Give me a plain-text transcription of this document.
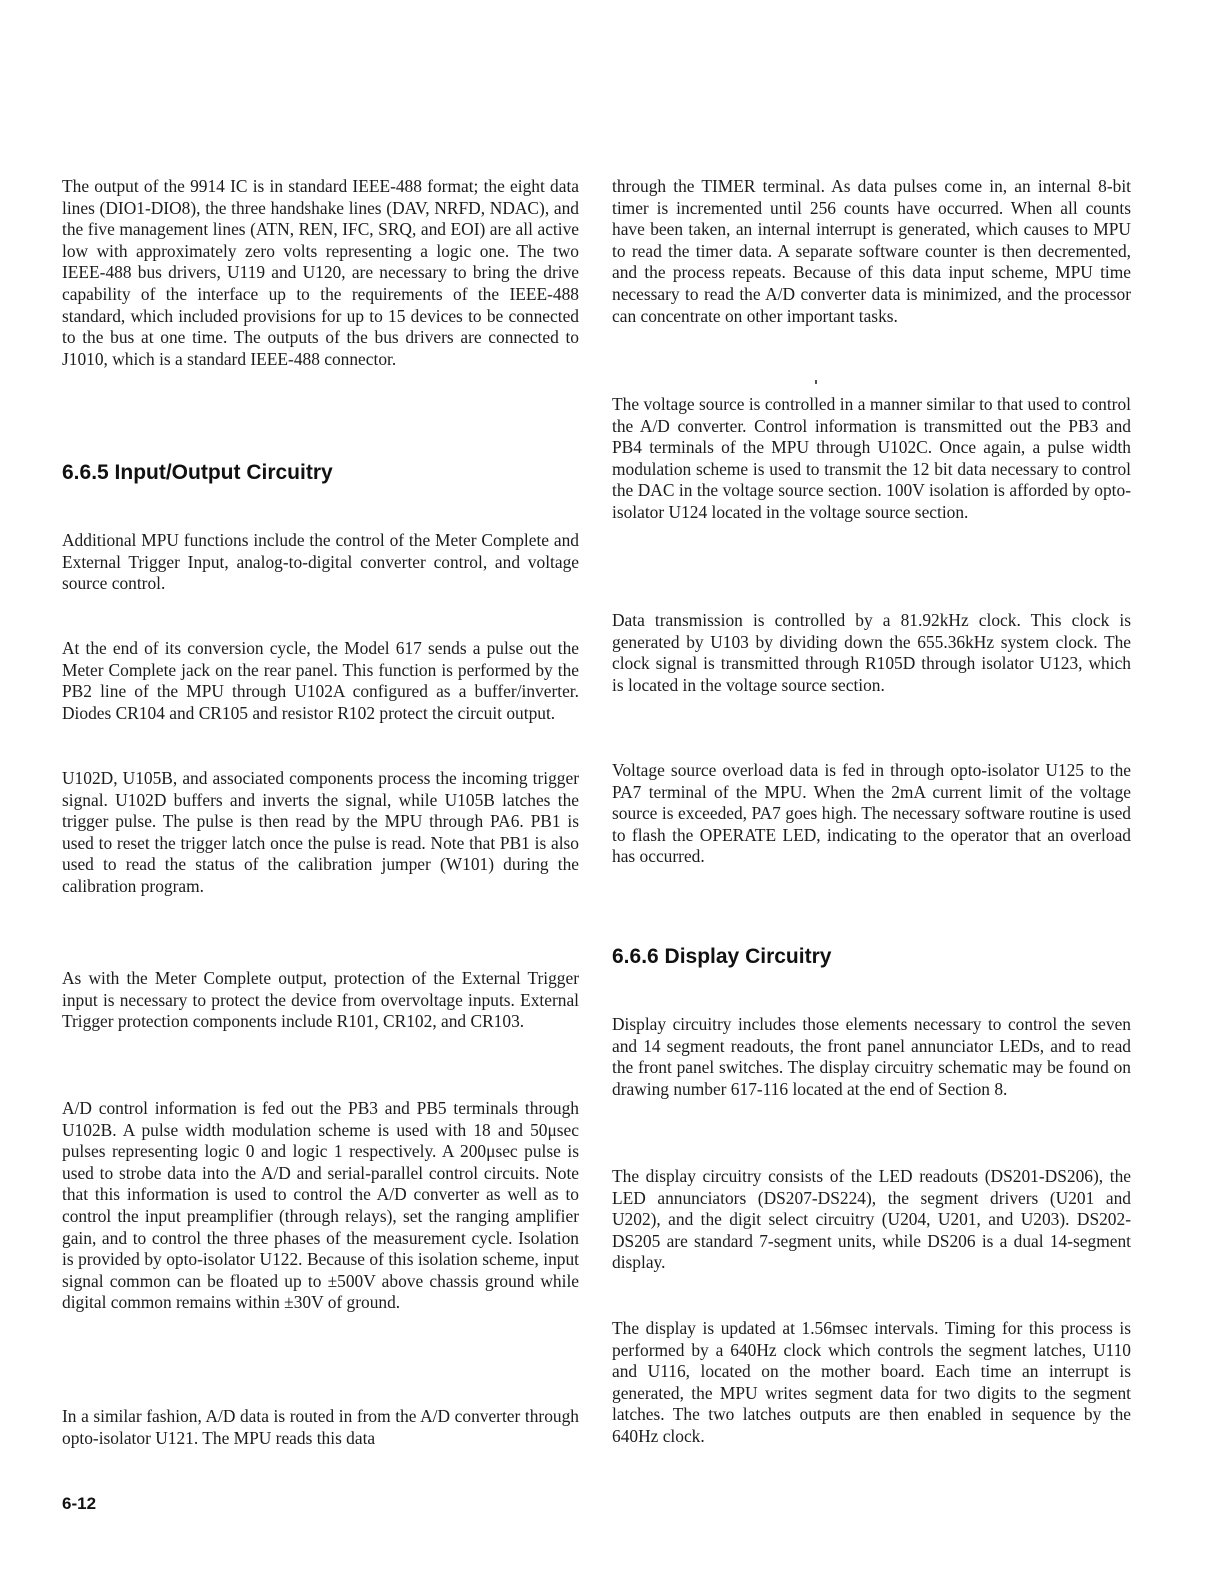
The output of the 9914 IC is in standard IEEE-488 format; the eight data lines (DIO1-DIO8), the three handshake lines (DAV, NRFD, NDAC), and the five management lines (ATN, REN, IFC, SRQ, and EOI) are all active low with approximately zero volts representing a logic one. The two IEEE-488 bus drivers, U119 and U120, are necessary to bring the drive capability of the interface up to the requirements of the IEEE-488 standard, which included provisions for up to 15 devices to be connected to the bus at one time. The outputs of the bus drivers are connected to J1010, which is a standard IEEE-488 connector.

6.6.5 Input/Output Circuitry

Additional MPU functions include the control of the Meter Complete and External Trigger Input, analog-to-digital converter control, and voltage source control.

At the end of its conversion cycle, the Model 617 sends a pulse out the Meter Complete jack on the rear panel. This function is performed by the PB2 line of the MPU through U102A configured as a buffer/inverter. Diodes CR104 and CR105 and resistor R102 protect the circuit output.

U102D, U105B, and associated components process the incoming trigger signal. U102D buffers and inverts the signal, while U105B latches the trigger pulse. The pulse is then read by the MPU through PA6. PB1 is used to reset the trigger latch once the pulse is read. Note that PB1 is also used to read the status of the calibration jumper (W101) during the calibration program.

As with the Meter Complete output, protection of the External Trigger input is necessary to protect the device from overvoltage inputs. External Trigger protection components include R101, CR102, and CR103.

A/D control information is fed out the PB3 and PB5 terminals through U102B. A pulse width modulation scheme is used with 18 and 50μsec pulses representing logic 0 and logic 1 respectively. A 200μsec pulse is used to strobe data into the A/D and serial-parallel control circuits. Note that this information is used to control the A/D converter as well as to control the input preamplifier (through relays), set the ranging amplifier gain, and to control the three phases of the measurement cycle. Isolation is provided by opto-isolator U122. Because of this isolation scheme, input signal common can be floated up to ±500V above chassis ground while digital common remains within ±30V of ground.

In a similar fashion, A/D data is routed in from the A/D converter through opto-isolator U121. The MPU reads this data

through the TIMER terminal. As data pulses come in, an internal 8-bit timer is incremented until 256 counts have occurred. When all counts have been taken, an internal interrupt is generated, which causes to MPU to read the timer data. A separate software counter is then decremented, and the process repeats. Because of this data input scheme, MPU time necessary to read the A/D converter data is minimized, and the processor can concentrate on other important tasks.

The voltage source is controlled in a manner similar to that used to control the A/D converter. Control information is transmitted out the PB3 and PB4 terminals of the MPU through U102C. Once again, a pulse width modulation scheme is used to transmit the 12 bit data necessary to control the DAC in the voltage source section. 100V isolation is afforded by opto-isolator U124 located in the voltage source section.

Data transmission is controlled by a 81.92kHz clock. This clock is generated by U103 by dividing down the 655.36kHz system clock. The clock signal is transmitted through R105D through isolator U123, which is located in the voltage source section.

Voltage source overload data is fed in through opto-isolator U125 to the PA7 terminal of the MPU. When the 2mA current limit of the voltage source is exceeded, PA7 goes high. The necessary software routine is used to flash the OPERATE LED, indicating to the operator that an overload has occurred.

6.6.6 Display Circuitry

Display circuitry includes those elements necessary to control the seven and 14 segment readouts, the front panel annunciator LEDs, and to read the front panel switches. The display circuitry schematic may be found on drawing number 617-116 located at the end of Section 8.

The display circuitry consists of the LED readouts (DS201-DS206), the LED annunciators (DS207-DS224), the segment drivers (U201 and U202), and the digit select circuitry (U204, U201, and U203). DS202-DS205 are standard 7-segment units, while DS206 is a dual 14-segment display.

The display is updated at 1.56msec intervals. Timing for this process is performed by a 640Hz clock which controls the segment latches, U110 and U116, located on the mother board. Each time an interrupt is generated, the MPU writes segment data for two digits to the segment latches. The two latches outputs are then enabled in sequence by the 640Hz clock.

6-12
